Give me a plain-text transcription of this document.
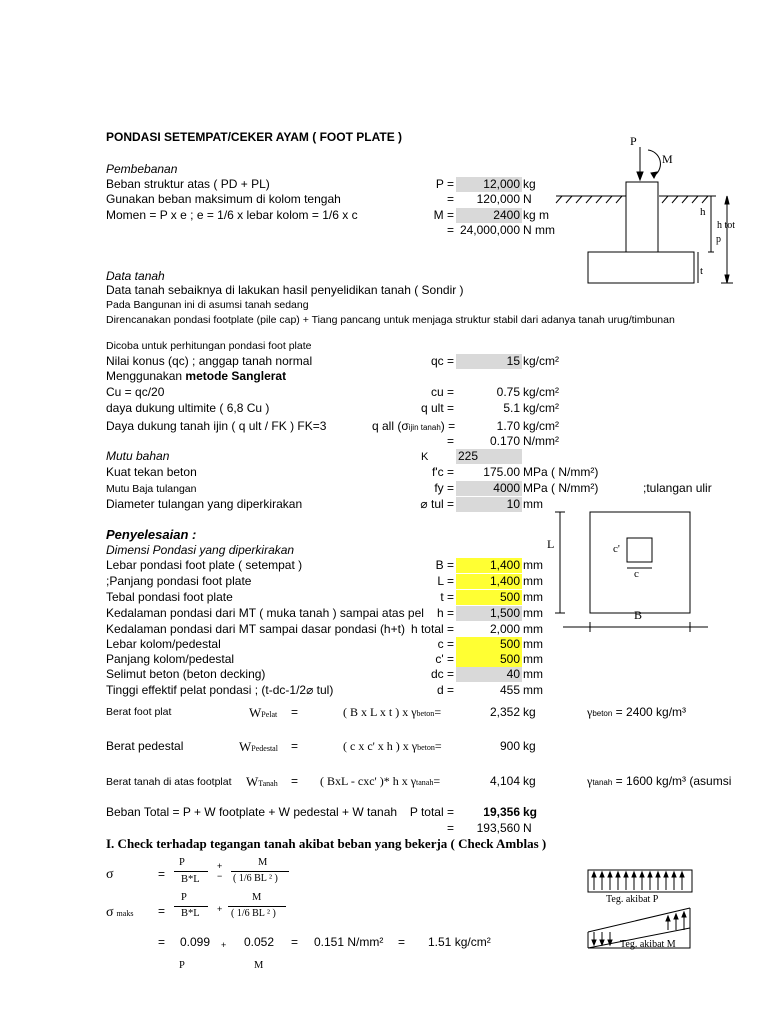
PONDASI SETEMPAT/CEKER AYAM ( FOOT PLATE )
Pembebanan
Beban struktur atas ( PD + PL)	P =	12,000 kg
Gunakan beban maksimum di kolom tengah	=	120,000 N
Momen = P x e ; e = 1/6 x lebar kolom = 1/6 x c	M =	2400 kg m
= 24,000,000 N mm
Data tanah
Data tanah sebaiknya di lakukan hasil penyelidikan tanah ( Sondir )
Pada Bangunan ini di asumsi tanah sedang
Direncanakan pondasi footplate (pile cap) + Tiang pancang untuk menjaga struktur stabil dari adanya tanah urug/timbunan
Dicoba untuk perhitungan pondasi foot plate
Nilai konus (qc) ; anggap tanah normal	qc =	15 kg/cm²
Menggunakan metode Sanglerat
Cu = qc/20	cu =	0.75 kg/cm²
daya dukung ultimite ( 6,8 Cu )	q ult =	5.1 kg/cm²
Daya dukung tanah ijin ( q ult / FK ) FK=3	q all (σijin tanah) =	1.70 kg/cm²
=	0.170 N/mm²
Mutu bahan	K 225
Kuat tekan beton	f'c =	175.00 MPa ( N/mm²)
Mutu Baja tulangan	fy =	4000 MPa ( N/mm²)	;tulangan ulir
Diameter tulangan yang diperkirakan	⌀ tul =	10 mm
Penyelesaian :
Dimensi Pondasi yang diperkirakan
Lebar pondasi foot plate ( setempat )	B =	1,400 mm
;Panjang pondasi foot plate	L =	1,400 mm
Tebal pondasi foot plate	t =	500 mm
Kedalaman pondasi dari MT ( muka tanah ) sampai atas pel	h =	1,500 mm
Kedalaman pondasi dari MT sampai dasar pondasi (h+t) h total =	2,000 mm
Lebar kolom/pedestal	c =	500 mm
Panjang kolom/pedestal	c' =	500 mm
Selimut beton (beton decking)	dc =	40 mm
Tinggi effektif pelat pondasi ; (t-dc-1/2⌀ tul)	d =	455 mm
Berat foot plat	WPelat =	( B x L x t ) x γbeton=	2,352 kg	γbeton = 2400 kg/m³
Berat pedestal	WPedestal =	( c x c' x h ) x γbeton=	900 kg
Berat tanah di atas footplat WTanah = ( BxL - cxc' )* h x γtanah=	4,104 kg	γtanah = 1600 kg/m³ (asumsi
Beban Total = P + W footplate + W pedestal + W tanah	P total =	19,356 kg
=	193,560 N
I. Check terhadap tegangan tanah akibat beban yang bekerja ( Check Amblas )
σ	=
P
B*L
+
−
M
( 1/6 BL ² )
σmaks =
P	M
B*L + ( 1/6 BL ² )
= 0.099 + 0.052 = 0.151 N/mm² = 1.51 kg/cm²
P	M
P
M
h
h tot
p
t
L	c'
c
B
Teg. akibat P
Teg. akibat M
